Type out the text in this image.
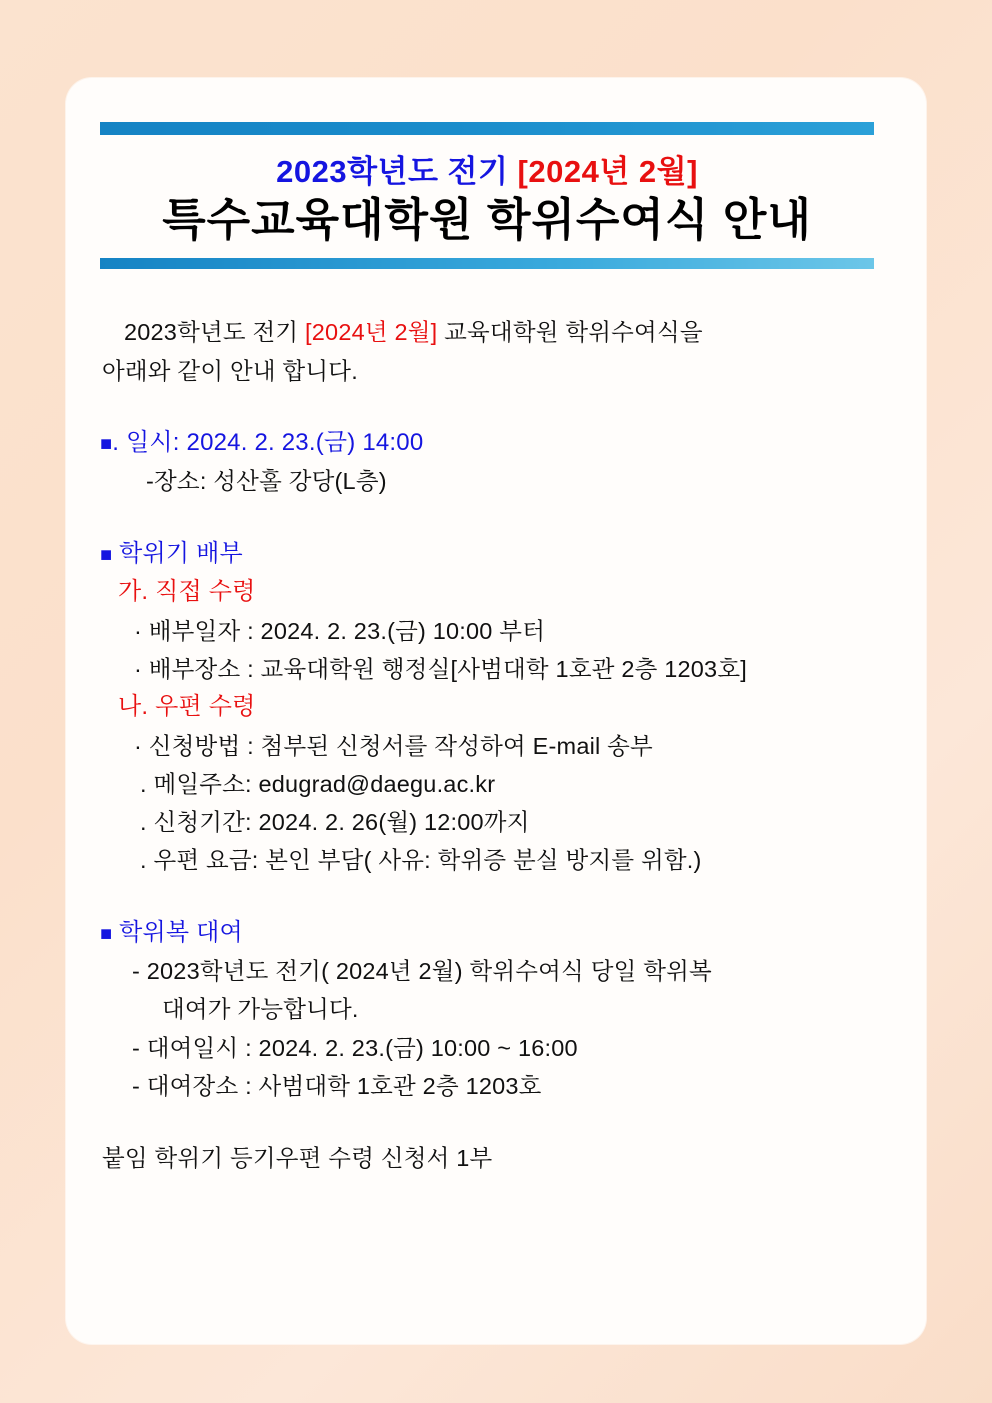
2023학년도 전기 [2024년 2월]
특수교육대학원 학위수여식 안내
2023학년도 전기 [2024년 2월] 교육대학원 학위수여식을
아래와 같이 안내 합니다.
■. 일시: 2024. 2. 23.(금) 14:00
-장소: 성산홀 강당(L층)
■ 학위기 배부
가. 직접 수령
· 배부일자 : 2024. 2. 23.(금) 10:00 부터
· 배부장소 : 교육대학원 행정실[사범대학 1호관 2층 1203호]
나. 우편 수령
· 신청방법 : 첨부된 신청서를 작성하여 E-mail 송부
. 메일주소: edugrad@daegu.ac.kr
. 신청기간: 2024. 2. 26(월) 12:00까지
. 우편 요금: 본인 부담( 사유: 학위증 분실 방지를 위함.)
■ 학위복 대여
- 2023학년도 전기( 2024년 2월) 학위수여식 당일 학위복
대여가 가능합니다.
- 대여일시 : 2024. 2. 23.(금) 10:00 ~ 16:00
- 대여장소 : 사범대학 1호관 2층 1203호
붙임 학위기 등기우편 수령 신청서 1부
